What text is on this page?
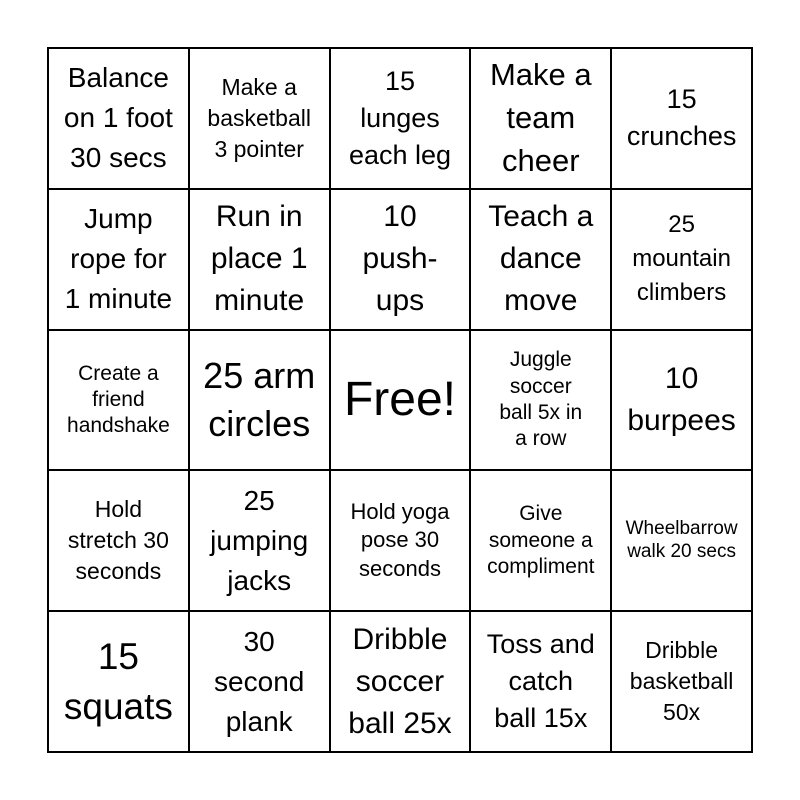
Balance
on 1 foot
30 secs
Make a
basketball
3 pointer
15
lunges
each leg
Make a
team
cheer
15
crunches
Jump
rope for
1 minute
Run in
place 1
minute
10
push-
ups
Teach a
dance
move
25
mountain
climbers
Create a
friend
handshake
25 arm
circles Free!
Juggle
soccer
ball 5x in
a row
10
burpees
Hold
stretch 30
seconds
25
jumping
jacks
Hold yoga
pose 30
seconds
Give
someone a
compliment
Wheelbarrow
walk 20 secs
15
squats
30
second
plank
Dribble
soccer
ball 25x
Toss and
catch
ball 15x
Dribble
basketball
50x
